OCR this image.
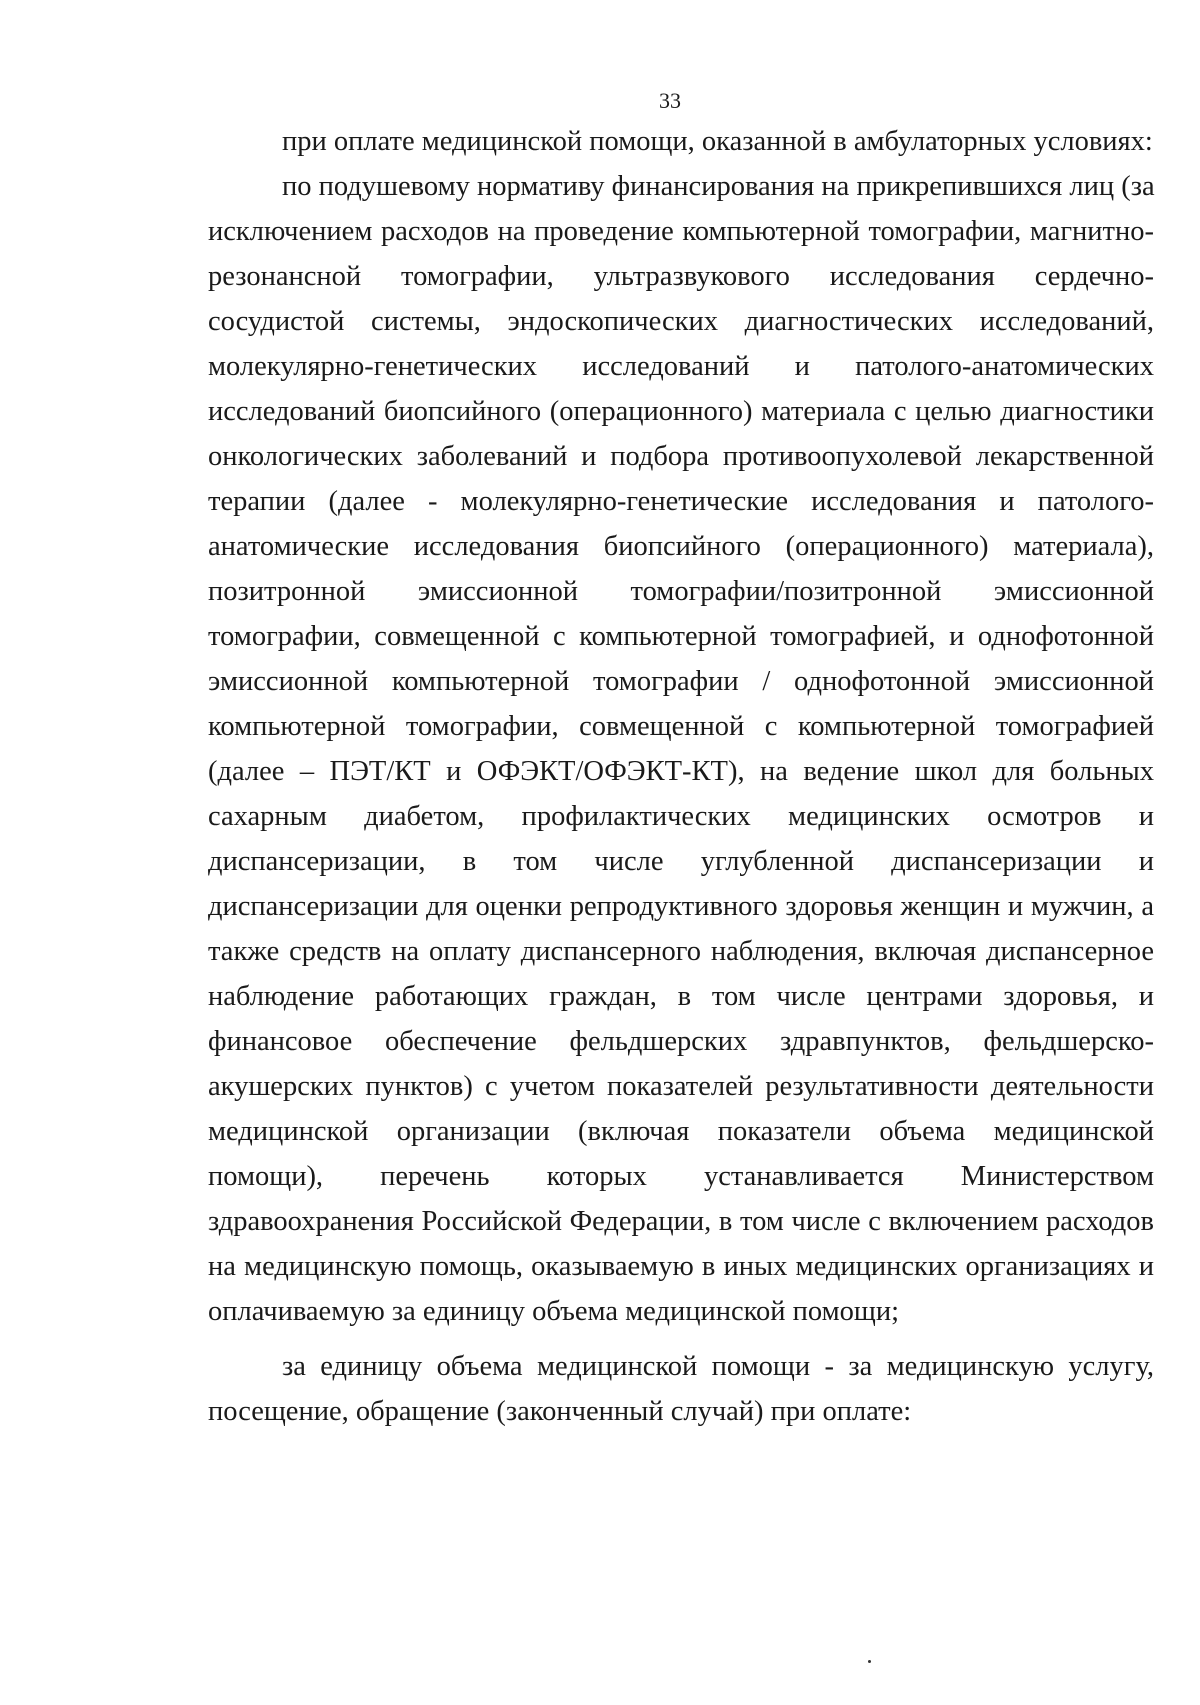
33
при оплате медицинской помощи, оказанной в амбулаторных условиях:
по подушевому нормативу финансирования на прикрепившихся лиц (за
исключением расходов на проведение компьютерной томографии, магнитно-
резонансной томографии, ультразвукового исследования сердечно-
сосудистой системы, эндоскопических диагностических исследований,
молекулярно-генетических исследований и патолого-анатомических
исследований биопсийного (операционного) материала с целью диагностики
онкологических заболеваний и подбора противоопухолевой лекарственной
терапии (далее - молекулярно-генетические исследования и патолого-
анатомические исследования биопсийного (операционного) материала),
позитронной эмиссионной томографии/позитронной эмиссионной
томографии, совмещенной с компьютерной томографией, и однофотонной
эмиссионной компьютерной томографии / однофотонной эмиссионной
компьютерной томографии, совмещенной с компьютерной томографией
(далее – ПЭТ/КТ и ОФЭКТ/ОФЭКТ-КТ), на ведение школ для больных
сахарным диабетом, профилактических медицинских осмотров и
диспансеризации, в том числе углубленной диспансеризации и
диспансеризации для оценки репродуктивного здоровья женщин и мужчин, а
также средств на оплату диспансерного наблюдения, включая диспансерное
наблюдение работающих граждан, в том числе центрами здоровья, и
финансовое обеспечение фельдшерских здравпунктов, фельдшерско-
акушерских пунктов) с учетом показателей результативности деятельности
медицинской организации (включая показатели объема медицинской
помощи), перечень которых устанавливается Министерством
здравоохранения Российской Федерации, в том числе с включением расходов
на медицинскую помощь, оказываемую в иных медицинских организациях и
оплачиваемую за единицу объема медицинской помощи;
за единицу объема медицинской помощи - за медицинскую услугу,
посещение, обращение (законченный случай) при оплате:
